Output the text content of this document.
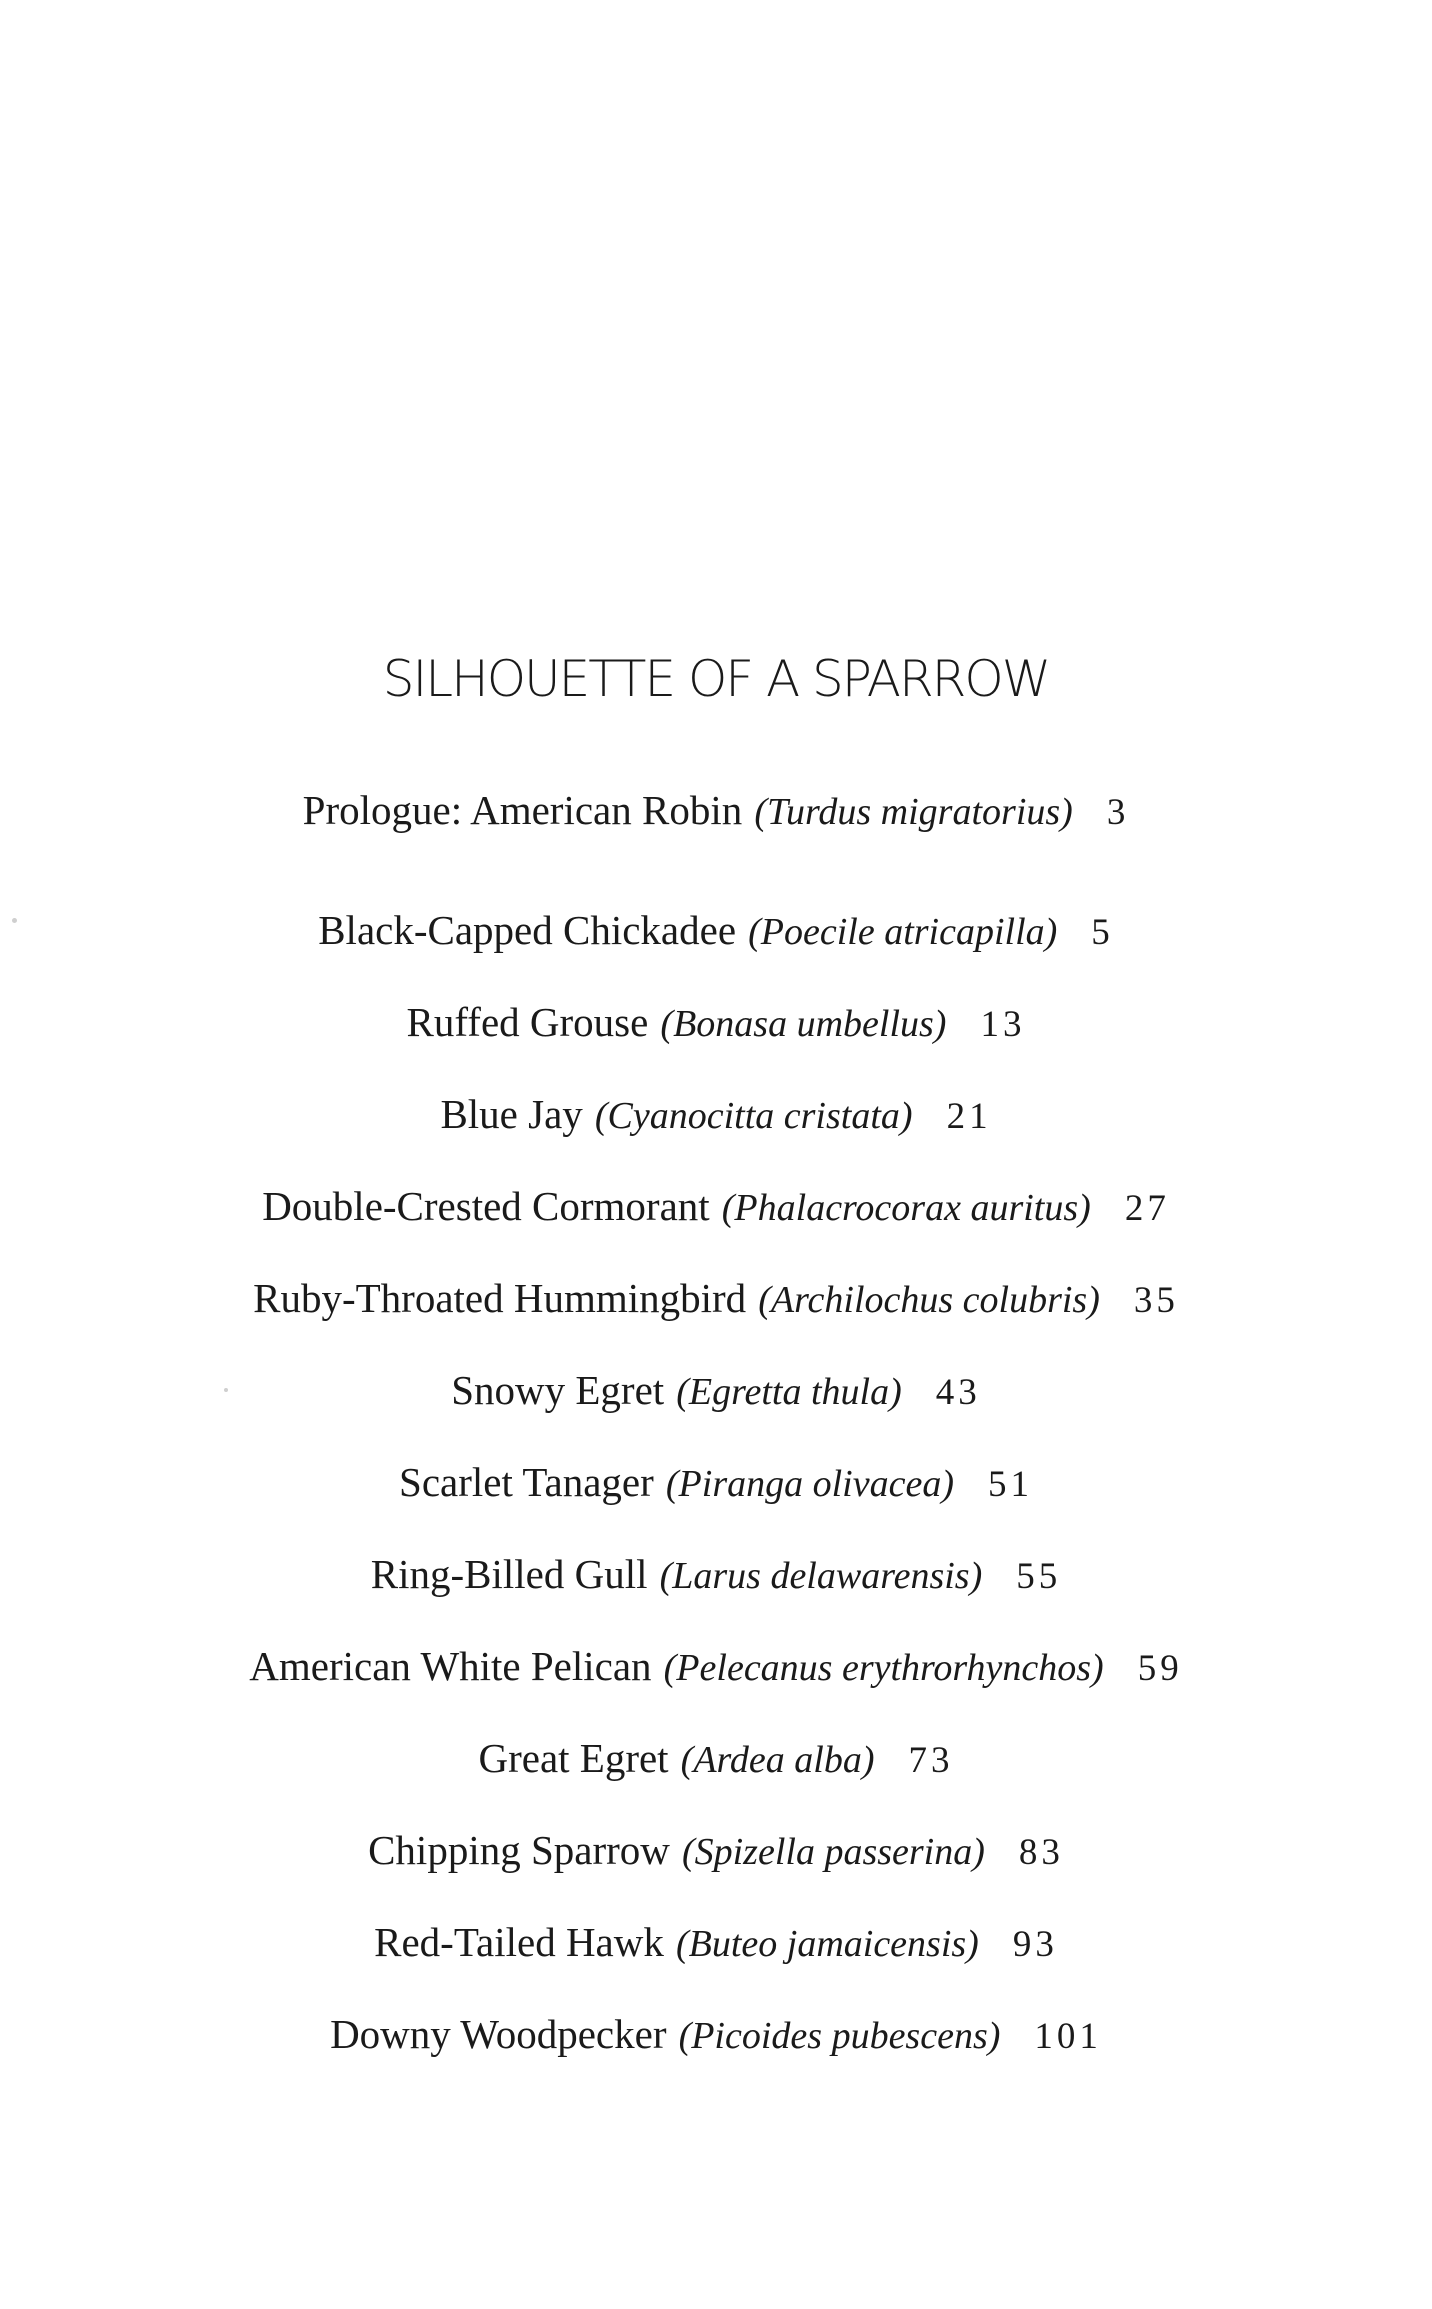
SILHOUETTE OF A SPARROW
Prologue: American Robin (Turdus migratorius) 3
Black-Capped Chickadee (Poecile atricapilla) 5
Ruffed Grouse (Bonasa umbellus) 13
Blue Jay (Cyanocitta cristata) 21
Double-Crested Cormorant (Phalacrocorax auritus) 27
Ruby-Throated Hummingbird (Archilochus colubris) 35
Snowy Egret (Egretta thula) 43
Scarlet Tanager (Piranga olivacea) 51
Ring-Billed Gull (Larus delawarensis) 55
American White Pelican (Pelecanus erythrorhynchos) 59
Great Egret (Ardea alba) 73
Chipping Sparrow (Spizella passerina) 83
Red-Tailed Hawk (Buteo jamaicensis) 93
Downy Woodpecker (Picoides pubescens) 101
